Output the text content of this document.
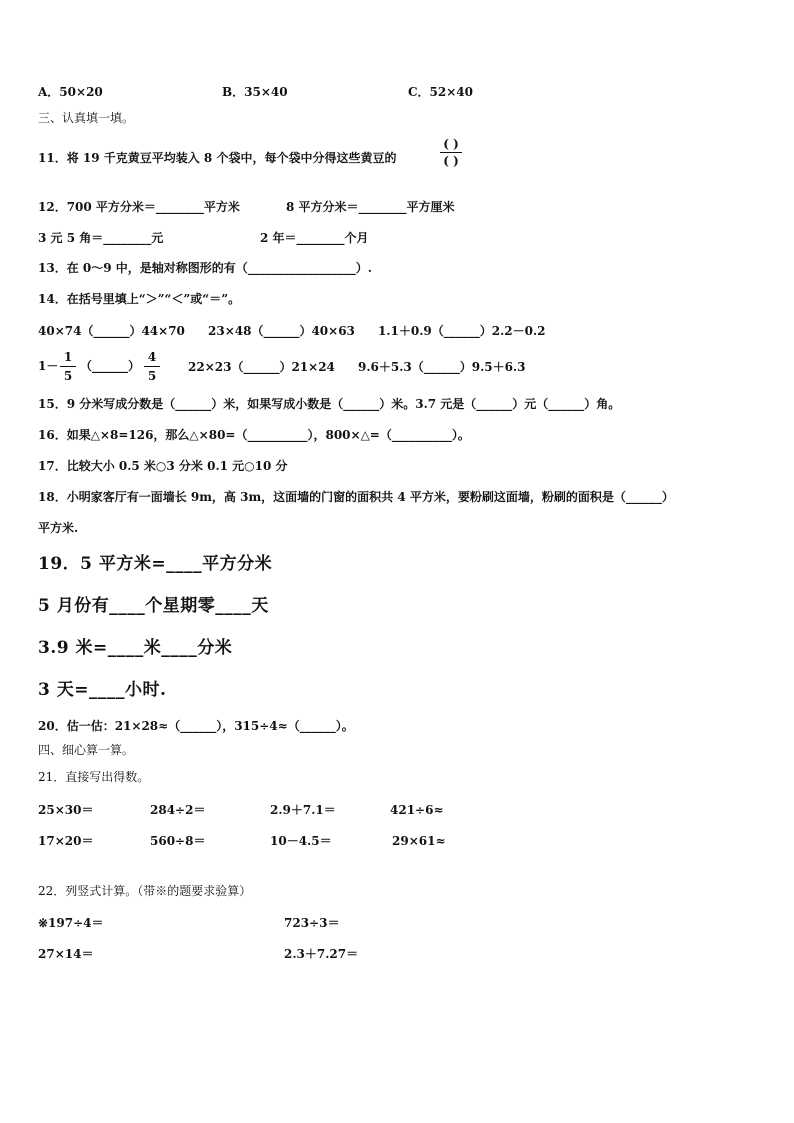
A．50×20	B．35×40	C．52×40
三、认真填一填。
11．将 19 千克黄豆平均装入 8 个袋中，每个袋中分得这些黄豆的
( )
( )
12．700 平方分米＝________平方米	8 平方分米＝________平方厘米
3 元 5 角＝________元	2 年＝________个月
13．在 0～9 中，是轴对称图形的有（__________________）.
14．在括号里填上“＞”“＜”或“＝”。
40×74（______）44×70 23×48（______）40×63 1.1＋0.9（______）2.2－0.2
1－
1
5
（______）
4
5
22×23（______）21×24 9.6＋5.3（______）9.5＋6.3
15．9 分米写成分数是（______）米，如果写成小数是（______）米。3.7 元是（______）元（______）角。
16．如果△×8=126，那么△×80=（__________），800×△=（__________）。
17．比较大小 0.5 米○3 分米 0.1 元○10 分
18．小明家客厅有一面墙长 9m，高 3m，这面墙的门窗的面积共 4 平方米，要粉刷这面墙，粉刷的面积是（______）
平方米.
19．5 平方米=____平方分米
5 月份有____个星期零____天
3.9 米=____米____分米
3 天=____小时.
20．估一估：21×28≈（______），315÷4≈（______）。
四、细心算一算。
21．直接写出得数。
25×30＝	284÷2＝	2.9＋7.1＝	421÷6≈
17×20＝	560÷8＝	10－4.5＝	29×61≈
22．列竖式计算。（带※的题要求验算）
※197÷4＝	723÷3＝
27×14＝	2.3＋7.27＝
